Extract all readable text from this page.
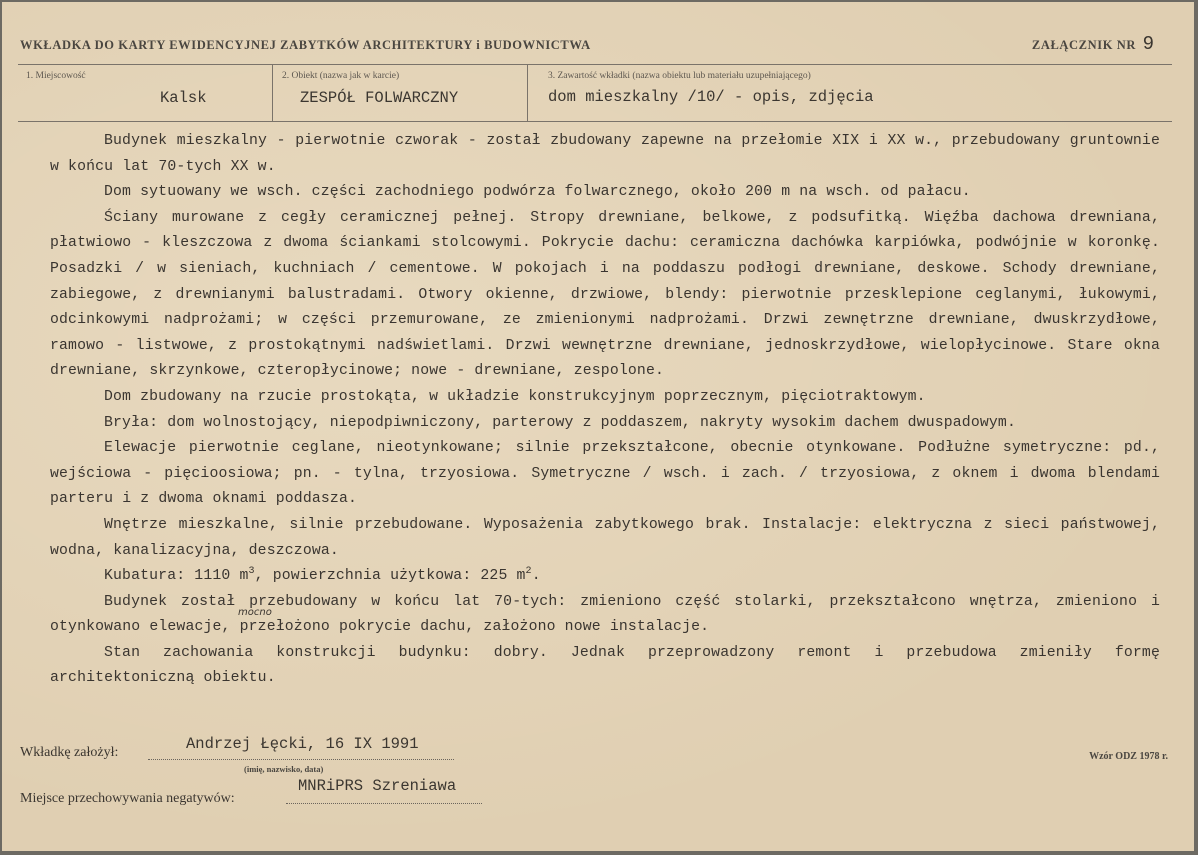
WKŁADKA DO KARTY EWIDENCYJNEJ ZABYTKÓW ARCHITEKTURY i BUDOWNICTWA	ZAŁĄCZNIK NR 9
1. Miejscowość
Kalsk
2. Obiekt (nazwa jak w karcie)
ZESPÓŁ FOLWARCZNY
3. Zawartość wkładki (nazwa obiektu lub materiału uzupełniającego)
dom mieszkalny /10/ - opis, zdjęcia

Budynek mieszkalny - pierwotnie czworak - został zbudowany zapewne na przełomie XIX i XX w., przebudowany gruntownie w końcu lat 70-tych XX w.

Dom sytuowany we wsch. części zachodniego podwórza folwarcznego, około 200 m na wsch. od pałacu.

Ściany murowane z cegły ceramicznej pełnej. Stropy drewniane, belkowe, z podsufitką. Więźba dachowa drewniana, płatwiowo - kleszczowa z dwoma ściankami stolcowymi. Pokrycie dachu: ceramiczna dachówka karpiówka, podwójnie w koronkę. Posadzki / w sieniach, kuchniach / cementowe. W pokojach i na poddaszu podłogi drewniane, deskowe. Schody drewniane, zabiegowe, z drewnianymi balustradami. Otwory okienne, drzwiowe, blendy: pierwotnie przesklepione ceglanymi, łukowymi, odcinkowymi nadprożami; w części przemurowane, ze zmienionymi nadprożami. Drzwi zewnętrzne drewniane, dwuskrzydłowe, ramowo - listwowe, z prostokątnymi nadświetlami. Drzwi wewnętrzne drewniane, jednoskrzydłowe, wielopłycinowe. Stare okna drewniane, skrzynkowe, czteropłycinowe; nowe - drewniane, zespolone.

Dom zbudowany na rzucie prostokąta, w układzie konstrukcyjnym poprzecznym, pięciotraktowym.

Bryła: dom wolnostojący, niepodpiwniczony, parterowy z poddaszem, nakryty wysokim dachem dwuspadowym.

Elewacje pierwotnie ceglane, nieotynkowane; silnie przekształcone, obecnie otynkowane. Podłużne symetryczne: pd., wejściowa - pięcioosiowa; pn. - tylna, trzyosiowa. Symetryczne / wsch. i zach. / trzyosiowa, z oknem i dwoma blendami parteru i z dwoma oknami poddasza.

Wnętrze mieszkalne, silnie przebudowane. Wyposażenia zabytkowego brak. Instalacje: elektryczna z sieci państwowej, wodna, kanalizacyjna, deszczowa.

Kubatura: 1110 $m^3$, powierzchnia użytkowa: 225 $m^2$.

Budynek został przebudowany w końcu lat 70-tych: zmieniono część stolarki, przekształcono wnętrza, zmieniono i otynkowano elewacje, przełożono pokrycie dachu, założono nowe instalacje.

Stan zachowania konstrukcji budynku: dobry. Jednak przeprowadzony remont i przebudowa zmieniły formę architektoniczną obiektu.

mocno
Wkładkę założył:	Andrzej Łęcki, 16 IX 1991
(imię, nazwisko, data)
Miejsce przechowywania negatywów:
MNRiPRS Szreniawa
Wzór ODZ 1978 r.
